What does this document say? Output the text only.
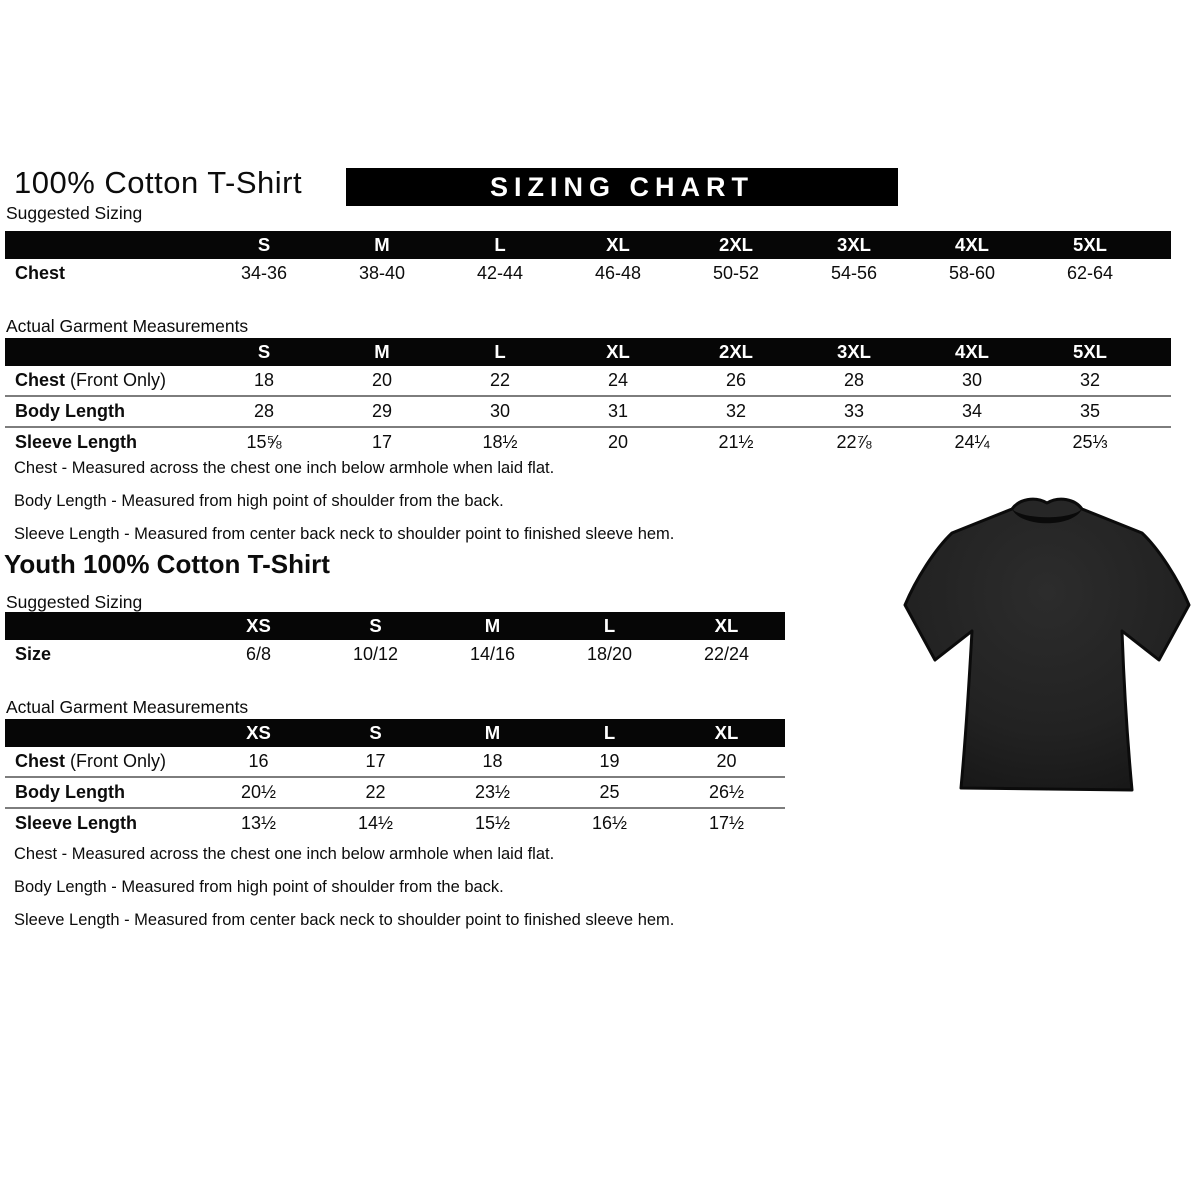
100% Cotton T-Shirt	SIZING CHART
Suggested Sizing
	S	M	L	XL	2XL	3XL	4XL	5XL	
Chest	34-36	38-40	42-44	46-48	50-52	54-56	58-60	62-64	
Actual Garment Measurements
	S	M	L	XL	2XL	3XL	4XL	5XL	
Chest (Front Only)	18	20	22	24	26	28	30	32	
Body Length	28	29	30	31	32	33	34	35	
Sleeve Length	15⅝	17	18½	20	21½	22⅞	24¼	25⅓	
Chest - Measured across the chest one inch below armhole when laid flat.
Body Length - Measured from high point of shoulder from the back.
Sleeve Length - Measured from center back neck to shoulder point to finished sleeve hem.
Youth 100% Cotton T-Shirt
Suggested Sizing
	XS	S	M	L	XL
Size	6/8	10/12	14/16	18/20	22/24
Actual Garment Measurements
	XS	S	M	L	XL
Chest (Front Only)	16	17	18	19	20
Body Length	20½	22	23½	25	26½
Sleeve Length	13½	14½	15½	16½	17½
Chest - Measured across the chest one inch below armhole when laid flat.
Body Length - Measured from high point of shoulder from the back.
Sleeve Length - Measured from center back neck to shoulder point to finished sleeve hem.
